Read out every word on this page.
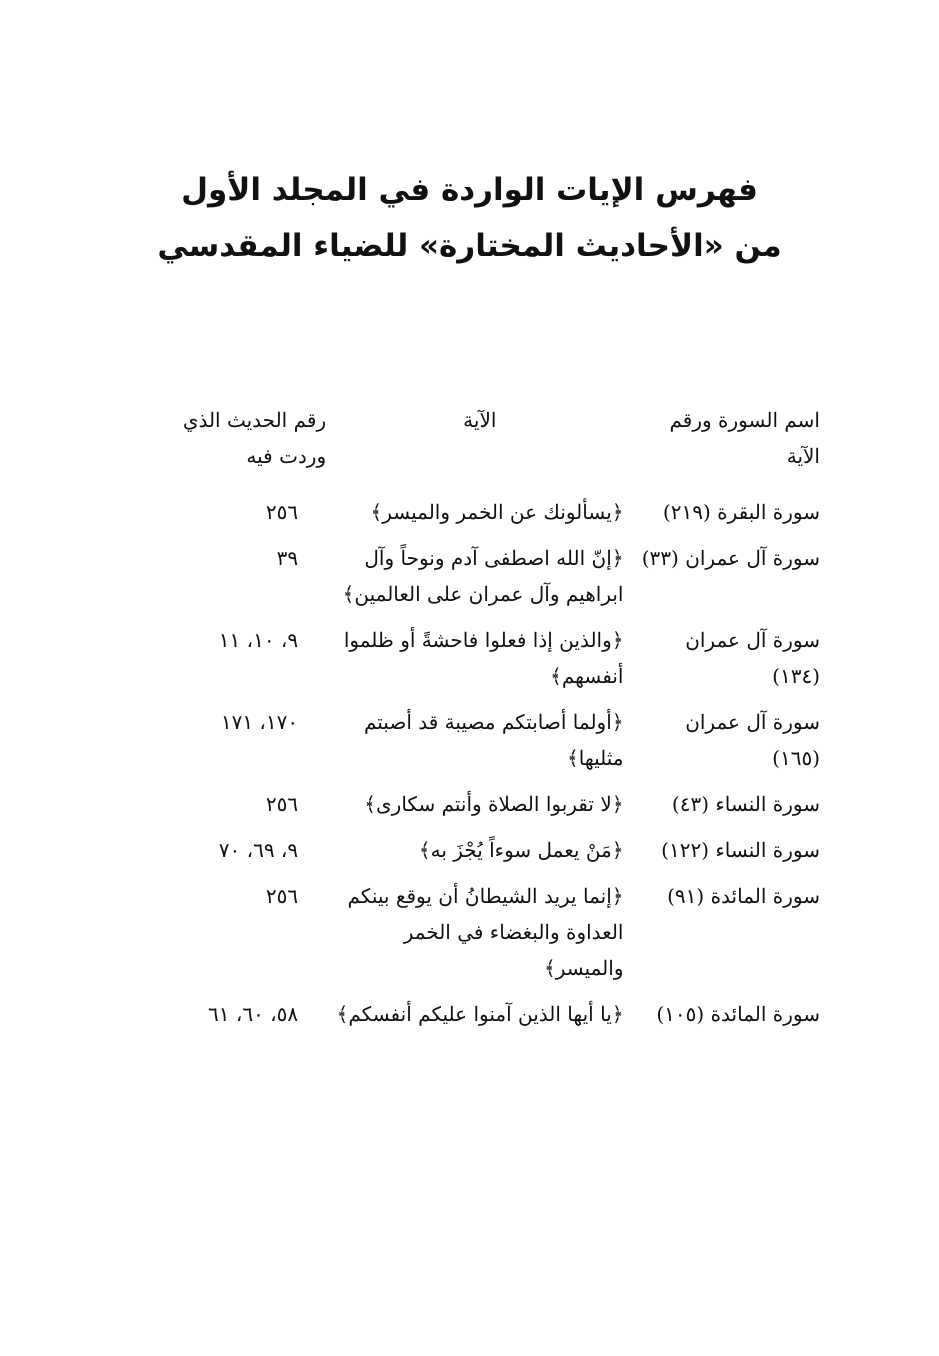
فهرس الإيات الواردة في المجلد الأول
من «الأحاديث المختارة» للضياء المقدسي
اسم السورة ورقم الآية	الآية	رقم الحديث الذي وردت فيه
سورة البقرة (٢١٩)	﴿يسألونك عن الخمر والميسر﴾	٢٥٦
سورة آل عمران (٣٣)	﴿إنّ الله اصطفى آدم ونوحاً وآل ابراهيم وآل عمران على العالمين﴾	٣٩
سورة آل عمران (١٣٤)	﴿والذين إذا فعلوا فاحشةً أو ظلموا أنفسهم﴾	٩، ١٠، ١١
سورة آل عمران (١٦٥)	﴿أولما أصابتكم مصيبة قد أصبتم مثليها﴾	١٧٠، ١٧١
سورة النساء (٤٣)	﴿لا تقربوا الصلاة وأنتم سكارى﴾	٢٥٦
سورة النساء (١٢٢)	﴿مَنْ يعمل سوءاً يُجْزَ به﴾	٩، ٦٩، ٧٠
سورة المائدة (٩١)	﴿إنما يريد الشيطانُ أن يوقع بينكم العداوة والبغضاء في الخمر والميسر﴾	٢٥٦
سورة المائدة (١٠٥)	﴿يا أيها الذين آمنوا عليكم أنفسكم﴾	٥٨، ٦٠، ٦١
